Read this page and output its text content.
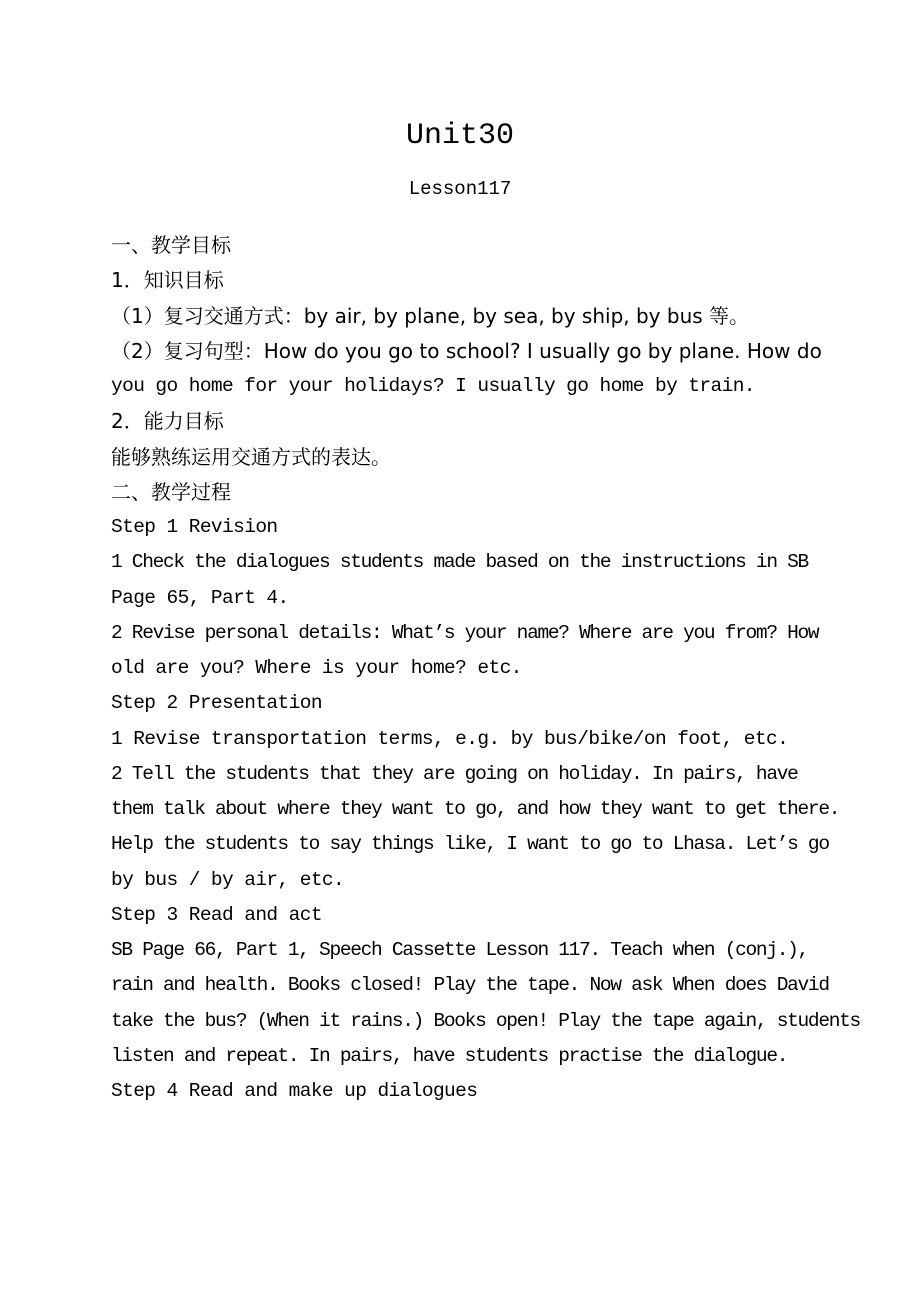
Unit30
Lesson117
一、教学目标
1．知识目标
（1）复习交通方式：by air, by plane, by sea, by ship, by bus 等。
（2）复习句型：How do you go to school? I usually go by plane. How do
you go home for your holidays? I usually go home by train.
2．能力目标
能够熟练运用交通方式的表达。
二、教学过程
Step 1 Revision
1 Check the dialogues students made based on the instructions in SB
Page 65, Part 4.
2 Revise personal details: What’s your name? Where are you from? How
old are you? Where is your home? etc.
Step 2 Presentation
1 Revise transportation terms, e.g. by bus/bike/on foot, etc.
2 Tell the students that they are going on holiday. In pairs, have
them talk about where they want to go, and how they want to get there.
Help the students to say things like, I want to go to Lhasa. Let’s go
by bus / by air, etc.
Step 3 Read and act
SB Page 66, Part 1, Speech Cassette Lesson 117. Teach when (conj.),
rain and health. Books closed! Play the tape. Now ask When does David
take the bus? (When it rains.) Books open! Play the tape again, students
listen and repeat. In pairs, have students practise the dialogue.
Step 4 Read and make up dialogues
